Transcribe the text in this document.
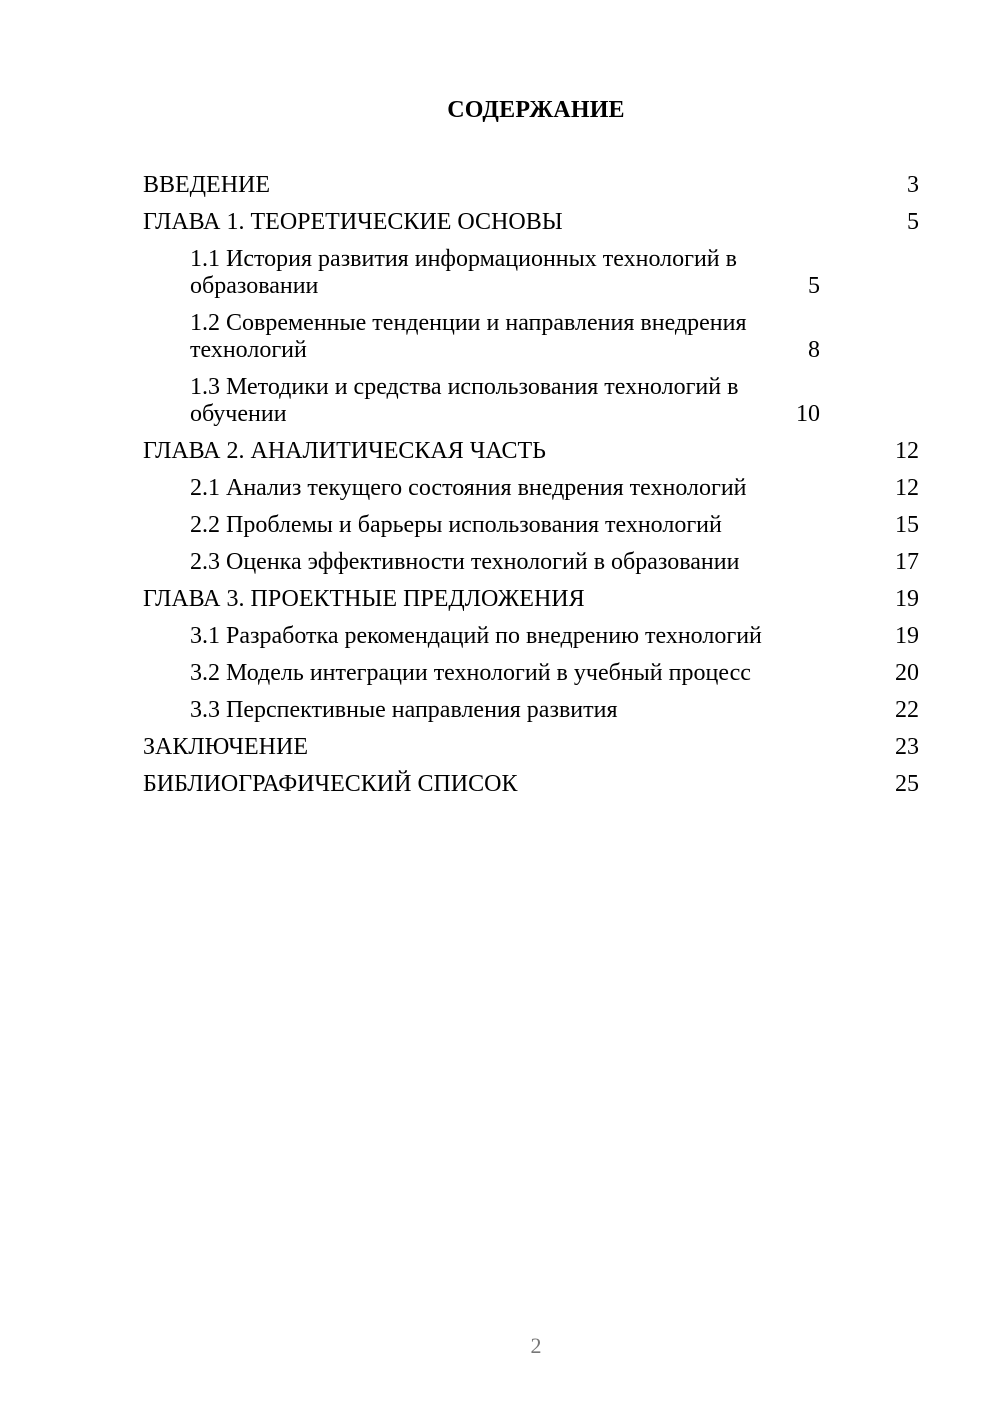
СОДЕРЖАНИЕ
ВВЕДЕНИЕ	3
ГЛАВА 1. ТЕОРЕТИЧЕСКИЕ ОСНОВЫ	5
1.1 История развития информационных технологий в образовании	5
1.2 Современные тенденции и направления внедрения технологий	8
1.3 Методики и средства использования технологий в обучении	10
ГЛАВА 2. АНАЛИТИЧЕСКАЯ ЧАСТЬ	12
2.1 Анализ текущего состояния внедрения технологий	12
2.2 Проблемы и барьеры использования технологий	15
2.3 Оценка эффективности технологий в образовании	17
ГЛАВА 3. ПРОЕКТНЫЕ ПРЕДЛОЖЕНИЯ	19
3.1 Разработка рекомендаций по внедрению технологий	19
3.2 Модель интеграции технологий в учебный процесс	20
3.3 Перспективные направления развития	22
ЗАКЛЮЧЕНИЕ	23
БИБЛИОГРАФИЧЕСКИЙ СПИСОК	25
2
